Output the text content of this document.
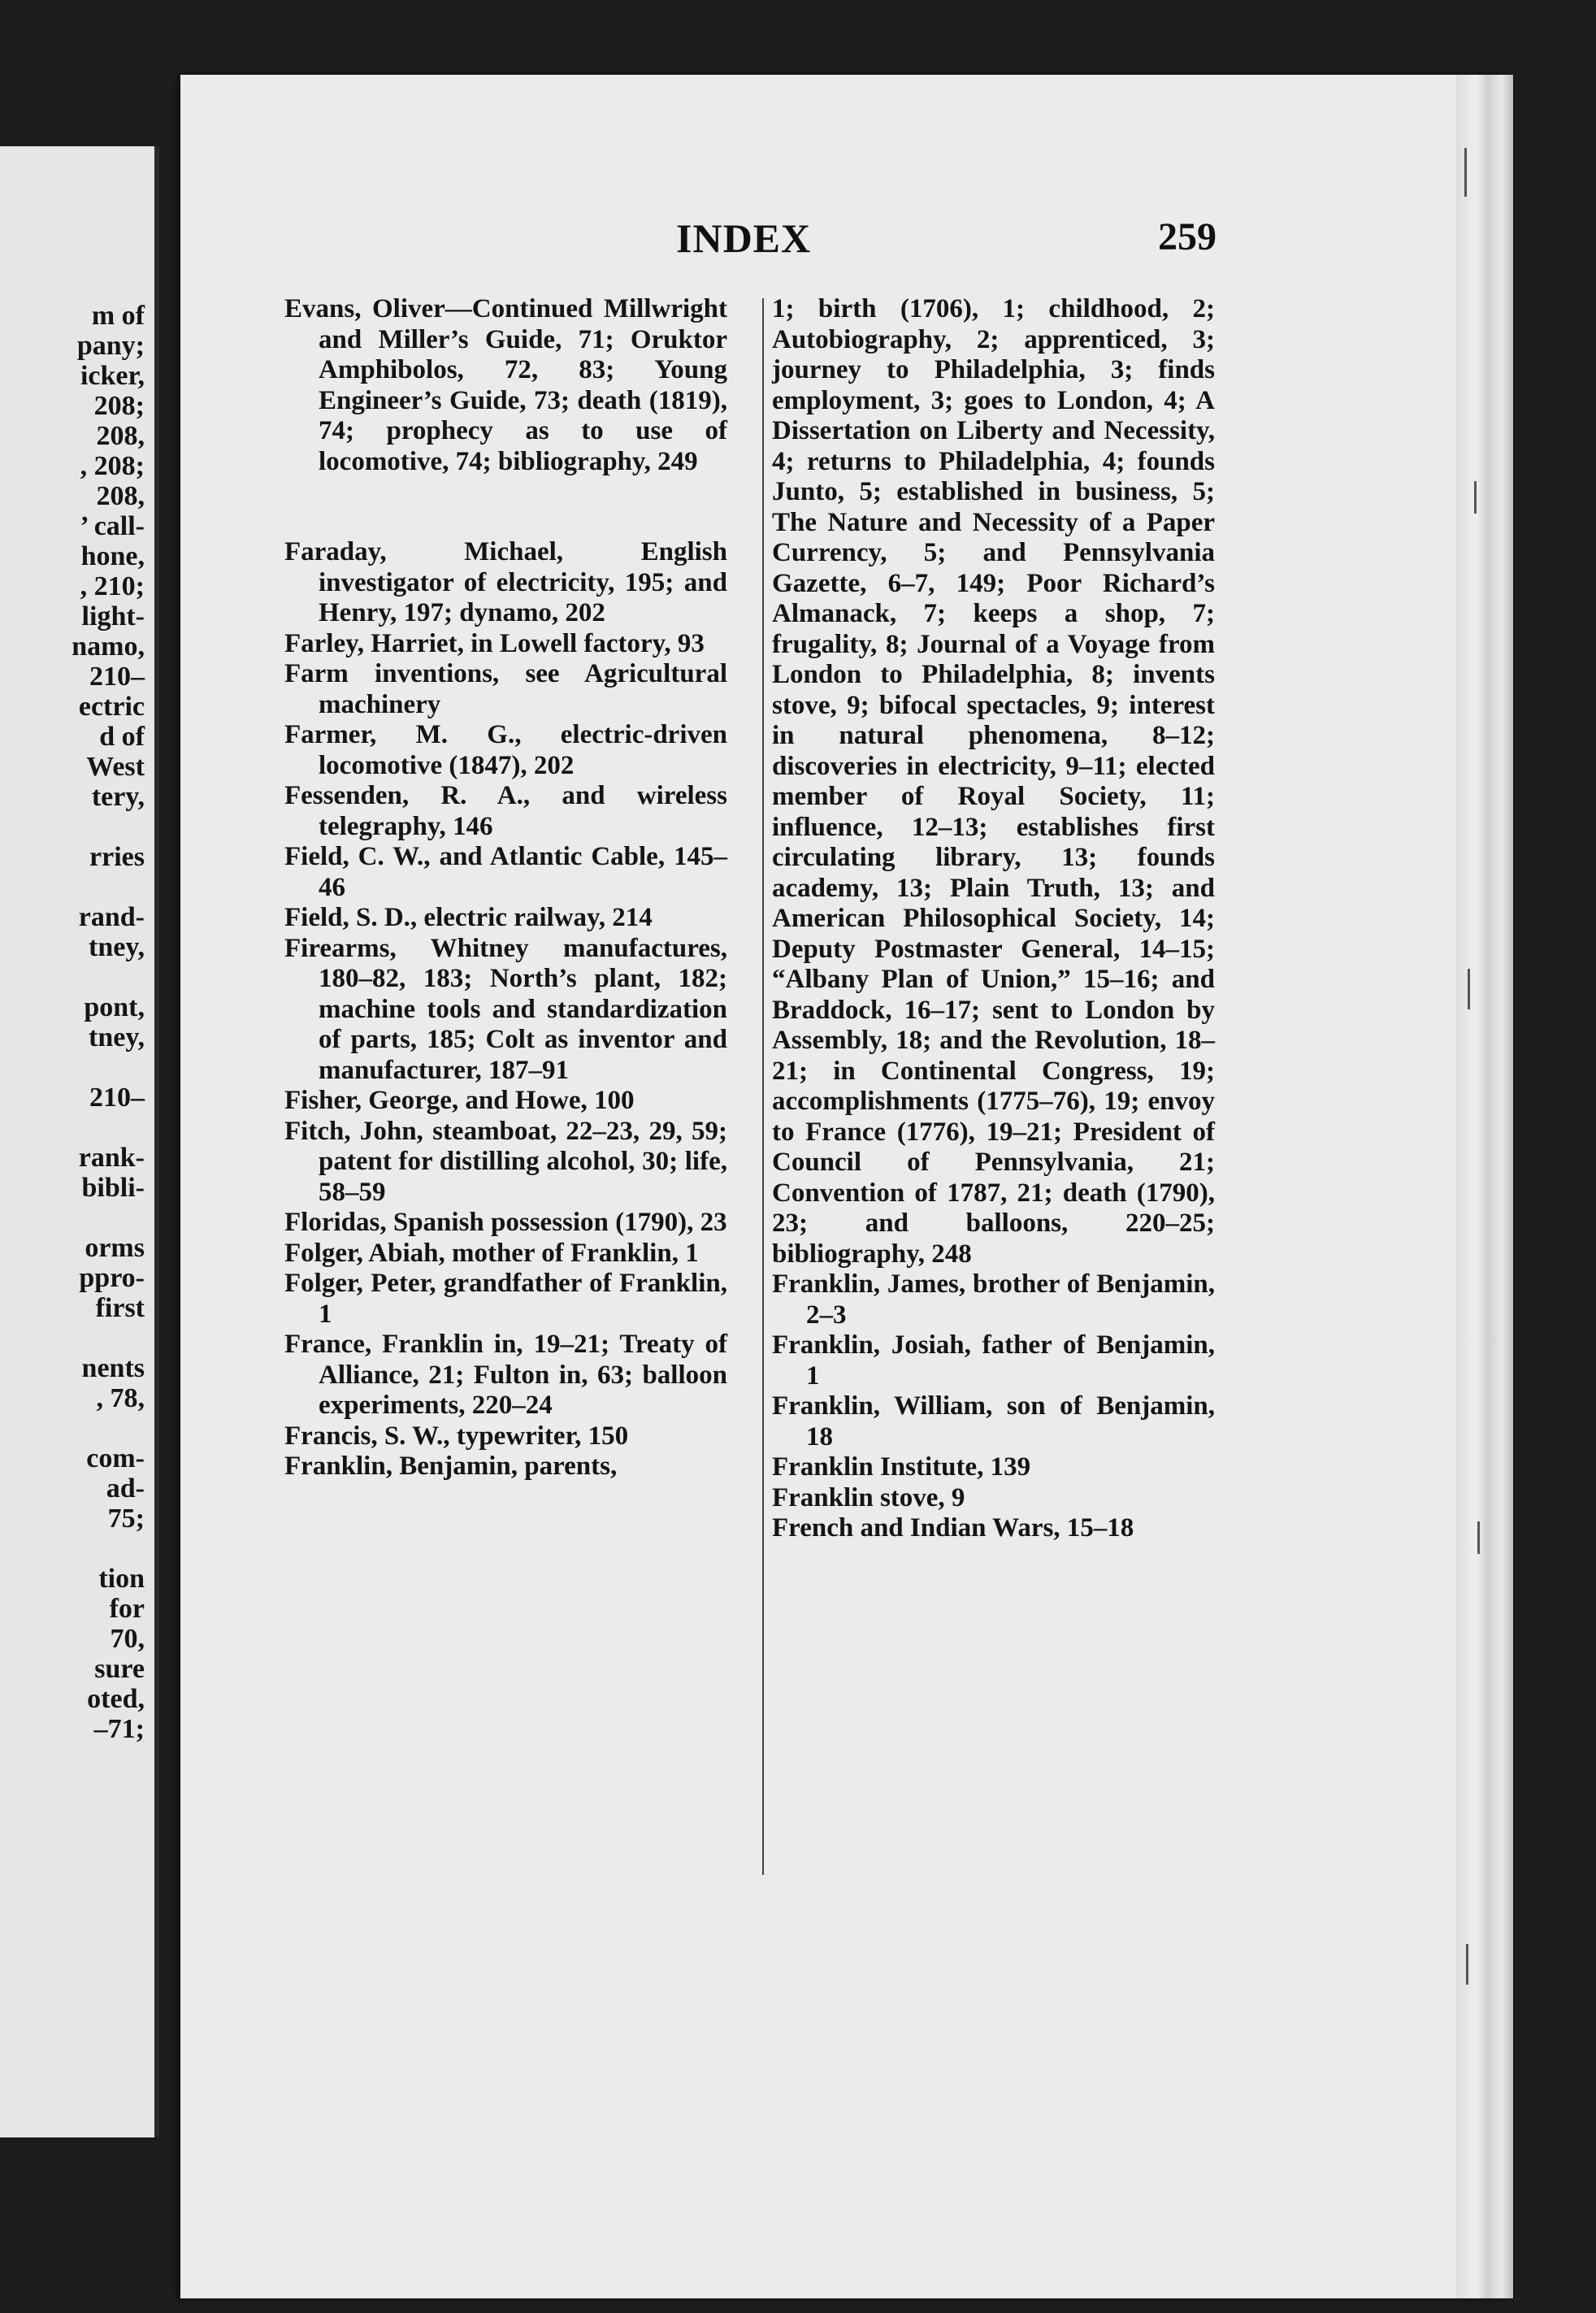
m of
pany;
icker,
208;
208,
, 208;
208,
’ call-
hone,
, 210;
light-
namo,
210–
ectric
d of
West
tery,

rries

rand-
tney,

pont,
tney,

210–

rank-
bibli-

orms
ppro-
first

nents
, 78,

com-
ad-
75;

tion
for
70,
sure
oted,
–71;
INDEX	259

Evans, Oliver—Continued Millwright and Miller’s Guide, 71; Oruktor Amphibolos, 72, 83; Young Engineer’s Guide, 73; death (1819), 74; prophecy as to use of locomotive, 74; bibliography, 249

Faraday, Michael, English investigator of electricity, 195; and Henry, 197; dynamo, 202

Farley, Harriet, in Lowell factory, 93

Farm inventions, see Agricultural machinery

Farmer, M. G., electric-driven locomotive (1847), 202

Fessenden, R. A., and wireless telegraphy, 146

Field, C. W., and Atlantic Cable, 145–46

Field, S. D., electric railway, 214

Firearms, Whitney manufactures, 180–82, 183; North’s plant, 182; machine tools and standardization of parts, 185; Colt as inventor and manufacturer, 187–91

Fisher, George, and Howe, 100

Fitch, John, steamboat, 22–23, 29, 59; patent for distilling alcohol, 30; life, 58–59

Floridas, Spanish possession (1790), 23

Folger, Abiah, mother of Franklin, 1

Folger, Peter, grandfather of Franklin, 1

France, Franklin in, 19–21; Treaty of Alliance, 21; Fulton in, 63; balloon experiments, 220–24

Francis, S. W., typewriter, 150

Franklin, Benjamin, parents,

1; birth (1706), 1; childhood, 2; Autobiography, 2; apprenticed, 3; journey to Philadelphia, 3; finds employment, 3; goes to London, 4; A Dissertation on Liberty and Necessity, 4; returns to Philadelphia, 4; founds Junto, 5; established in business, 5; The Nature and Necessity of a Paper Currency, 5; and Pennsylvania Gazette, 6–7, 149; Poor Richard’s Almanack, 7; keeps a shop, 7; frugality, 8; Journal of a Voyage from London to Philadelphia, 8; invents stove, 9; bifocal spectacles, 9; interest in natural phenomena, 8–12; discoveries in electricity, 9–11; elected member of Royal Society, 11; influence, 12–13; establishes first circulating library, 13; founds academy, 13; Plain Truth, 13; and American Philosophical Society, 14; Deputy Postmaster General, 14–15; “Albany Plan of Union,” 15–16; and Braddock, 16–17; sent to London by Assembly, 18; and the Revolution, 18–21; in Continental Congress, 19; accomplishments (1775–76), 19; envoy to France (1776), 19–21; President of Council of Pennsylvania, 21; Convention of 1787, 21; death (1790), 23; and balloons, 220–25; bibliography, 248

Franklin, James, brother of Benjamin, 2–3

Franklin, Josiah, father of Benjamin, 1

Franklin, William, son of Benjamin, 18

Franklin Institute, 139

Franklin stove, 9

French and Indian Wars, 15–18
